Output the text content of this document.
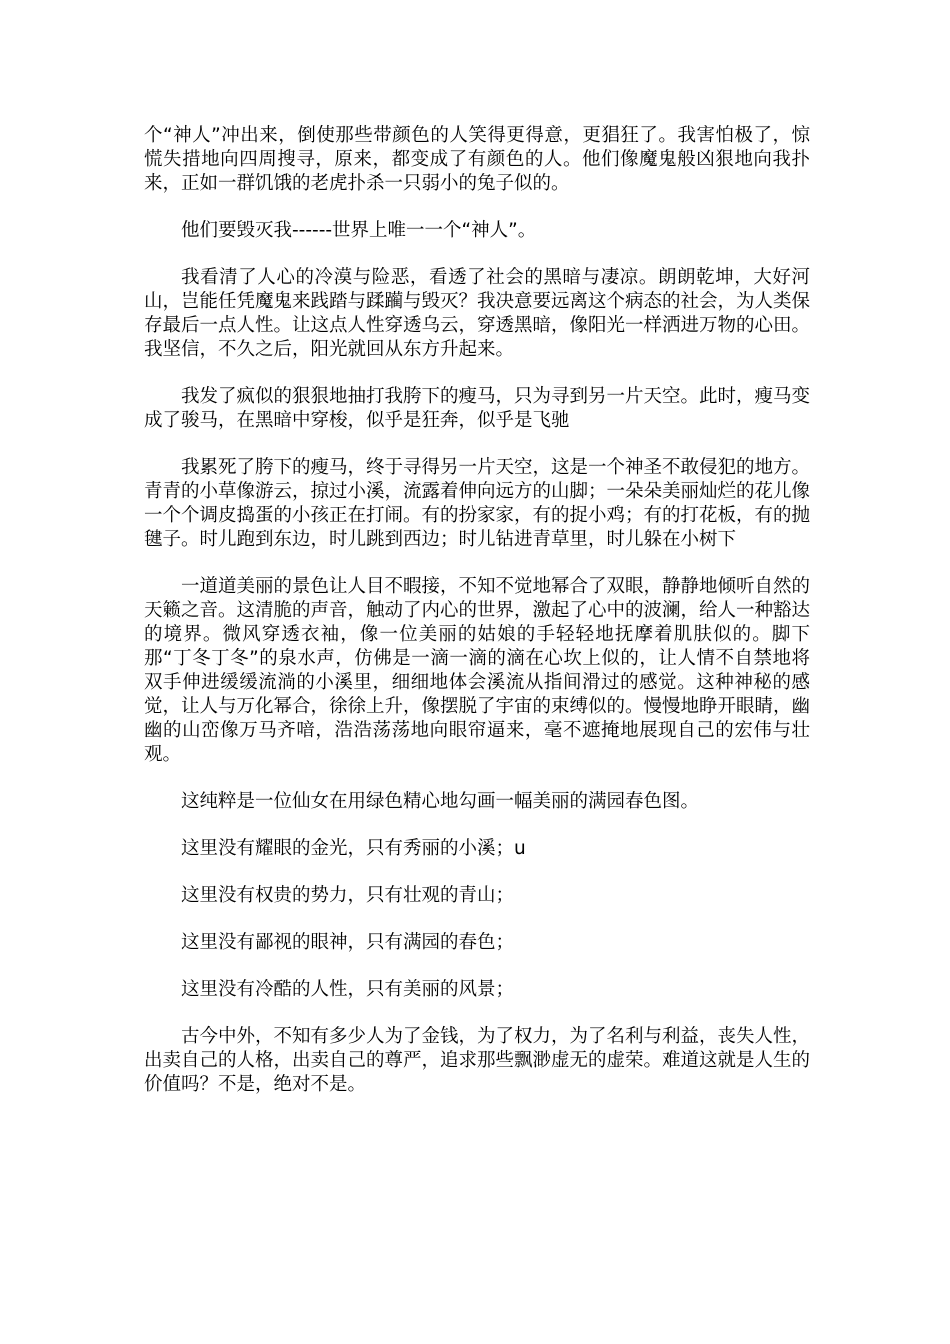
个“神人”冲出来，倒使那些带颜色的人笑得更得意，更猖狂了。我害怕极了，惊慌失措地向四周搜寻，原来，都变成了有颜色的人。他们像魔鬼般凶狠地向我扑来，正如一群饥饿的老虎扑杀一只弱小的兔子似的。

他们要毁灭我------世界上唯一一个“神人”。

我看清了人心的冷漠与险恶，看透了社会的黑暗与凄凉。朗朗乾坤，大好河山，岂能任凭魔鬼来践踏与蹂躏与毁灭？我决意要远离这个病态的社会，为人类保存最后一点人性。让这点人性穿透乌云，穿透黑暗，像阳光一样洒进万物的心田。我坚信，不久之后，阳光就回从东方升起来。

我发了疯似的狠狠地抽打我胯下的瘦马，只为寻到另一片天空。此时，瘦马变成了骏马，在黑暗中穿梭，似乎是狂奔，似乎是飞驰

我累死了胯下的瘦马，终于寻得另一片天空，这是一个神圣不敢侵犯的地方。青青的小草像游云，掠过小溪，流露着伸向远方的山脚；一朵朵美丽灿烂的花儿像一个个调皮捣蛋的小孩正在打闹。有的扮家家，有的捉小鸡；有的打花板，有的抛毽子。时儿跑到东边，时儿跳到西边；时儿钻进青草里，时儿躲在小树下

一道道美丽的景色让人目不暇接，不知不觉地幂合了双眼，静静地倾听自然的天籁之音。这清脆的声音，触动了内心的世界，激起了心中的波澜，给人一种豁达的境界。微风穿透衣袖，像一位美丽的姑娘的手轻轻地抚摩着肌肤似的。脚下那“丁冬丁冬”的泉水声，仿佛是一滴一滴的滴在心坎上似的，让人情不自禁地将双手伸进缓缓流淌的小溪里，细细地体会溪流从指间滑过的感觉。这种神秘的感觉，让人与万化幂合，徐徐上升，像摆脱了宇宙的束缚似的。慢慢地睁开眼睛，幽幽的山峦像万马齐喑，浩浩荡荡地向眼帘逼来，毫不遮掩地展现自己的宏伟与壮观。

这纯粹是一位仙女在用绿色精心地勾画一幅美丽的满园春色图。

这里没有耀眼的金光，只有秀丽的小溪；u

这里没有权贵的势力，只有壮观的青山；

这里没有鄙视的眼神，只有满园的春色；

这里没有冷酷的人性，只有美丽的风景；

古今中外，不知有多少人为了金钱，为了权力，为了名利与利益，丧失人性，出卖自己的人格，出卖自己的尊严，追求那些飘渺虚无的虚荣。难道这就是人生的价值吗？不是，绝对不是。
